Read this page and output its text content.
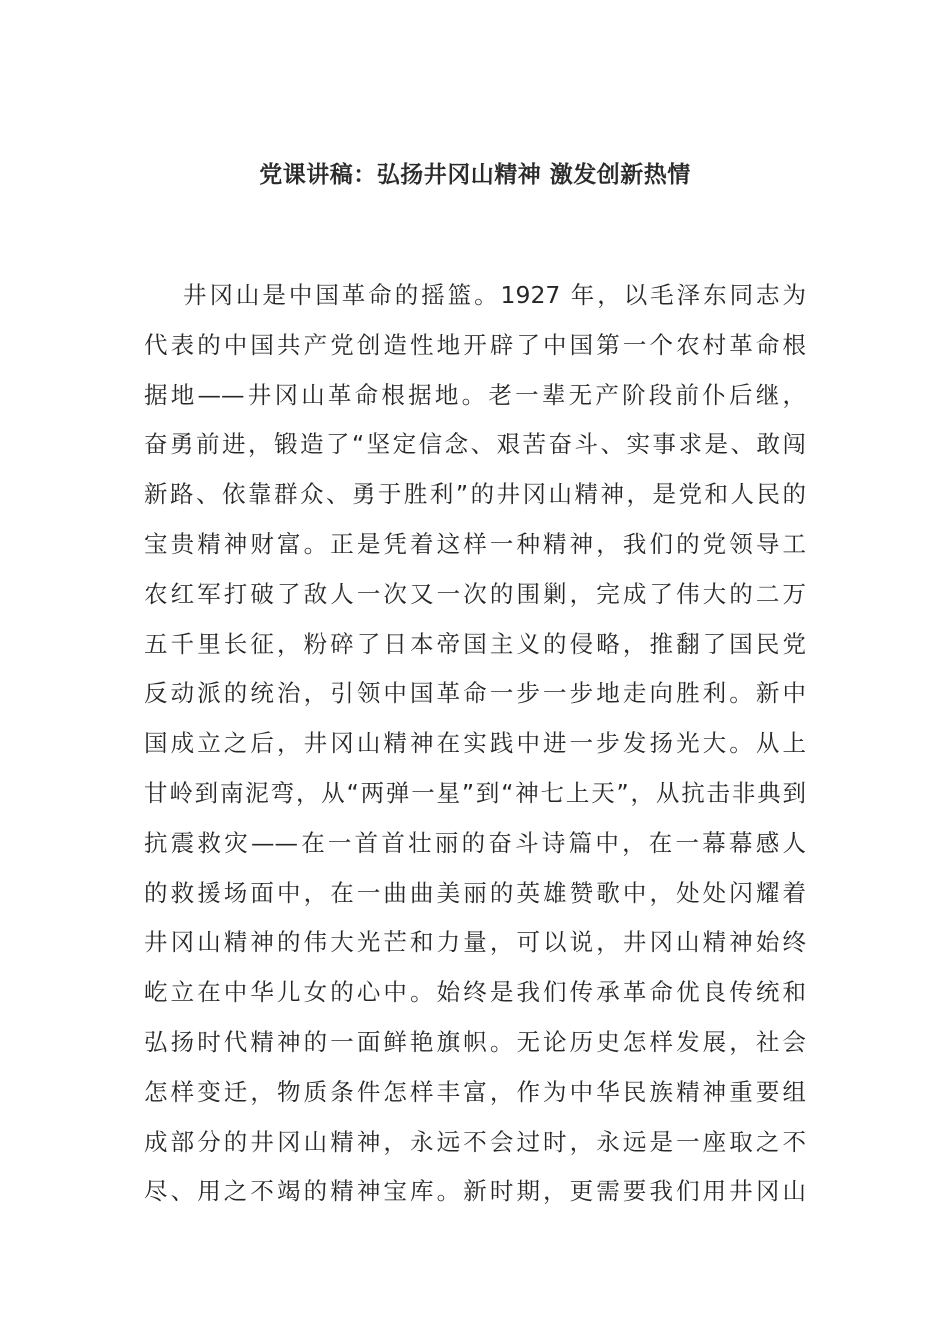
党课讲稿：弘扬井冈山精神 激发创新热情
井冈山是中国革命的摇篮。1927 年，以毛泽东同志为
代表的中国共产党创造性地开辟了中国第一个农村革命根
据地——井冈山革命根据地。老一辈无产阶段前仆后继，
奋勇前进，锻造了“坚定信念、艰苦奋斗、实事求是、敢闯
新路、依靠群众、勇于胜利”的井冈山精神，是党和人民的
宝贵精神财富。正是凭着这样一种精神，我们的党领导工
农红军打破了敌人一次又一次的围剿，完成了伟大的二万
五千里长征，粉碎了日本帝国主义的侵略，推翻了国民党
反动派的统治，引领中国革命一步一步地走向胜利。新中
国成立之后，井冈山精神在实践中进一步发扬光大。从上
甘岭到南泥弯，从“两弹一星”到“神七上天”，从抗击非典到
抗震救灾——在一首首壮丽的奋斗诗篇中，在一幕幕感人
的救援场面中，在一曲曲美丽的英雄赞歌中，处处闪耀着
井冈山精神的伟大光芒和力量，可以说，井冈山精神始终
屹立在中华儿女的心中。始终是我们传承革命优良传统和
弘扬时代精神的一面鲜艳旗帜。无论历史怎样发展，社会
怎样变迁，物质条件怎样丰富，作为中华民族精神重要组
成部分的井冈山精神，永远不会过时，永远是一座取之不
尽、用之不竭的精神宝库。新时期，更需要我们用井冈山
